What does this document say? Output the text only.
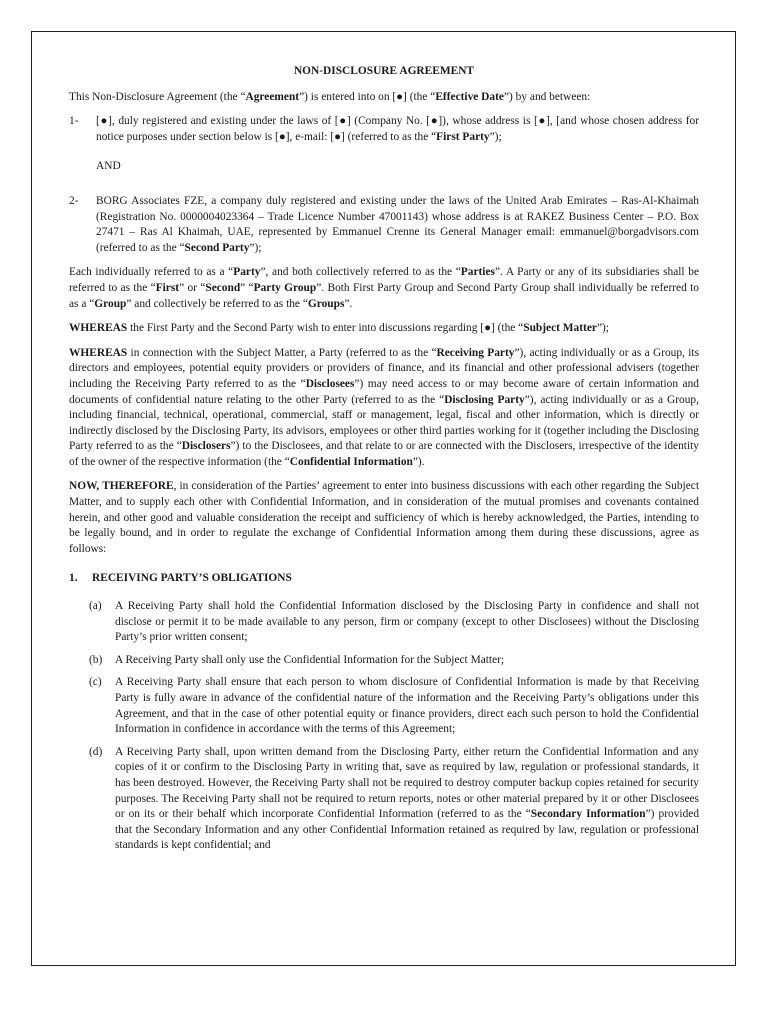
NON-DISCLOSURE AGREEMENT

This Non-Disclosure Agreement (the “Agreement”) is entered into on [●] (the “Effective Date”) by and between:

1-	[●], duly registered and existing under the laws of [●] (Company No. [●]), whose address is [●], [and whose chosen address for notice purposes under section below is [●], e-mail: [●] (referred to as the “First Party”);
AND
2-	BORG Associates FZE, a company duly registered and existing under the laws of the United Arab Emirates – Ras-Al-Khaimah (Registration No. 0000004023364 – Trade Licence Number 47001143) whose address is at RAKEZ Business Center – P.O. Box 27471 – Ras Al Khaimah, UAE, represented by Emmanuel Crenne its General Manager email: emmanuel@borgadvisors.com (referred to as the “Second Party”);

Each individually referred to as a “Party”, and both collectively referred to as the “Parties”. A Party or any of its subsidiaries shall be referred to as the “First” or “Second” “Party Group”. Both First Party Group and Second Party Group shall individually be referred to as a “Group” and collectively be referred to as the “Groups”.

WHEREAS the First Party and the Second Party wish to enter into discussions regarding [●] (the “Subject Matter”);

WHEREAS in connection with the Subject Matter, a Party (referred to as the “Receiving Party”), acting individually or as a Group, its directors and employees, potential equity providers or providers of finance, and its financial and other professional advisers (together including the Receiving Party referred to as the “Disclosees”) may need access to or may become aware of certain information and documents of confidential nature relating to the other Party (referred to as the “Disclosing Party”), acting individually or as a Group, including financial, technical, operational, commercial, staff or management, legal, fiscal and other information, which is directly or indirectly disclosed by the Disclosing Party, its advisors, employees or other third parties working for it (together including the Disclosing Party referred to as the “Disclosers”) to the Disclosees, and that relate to or are connected with the Disclosers, irrespective of the identity of the owner of the respective information (the “Confidential Information”).

NOW, THEREFORE, in consideration of the Parties’ agreement to enter into business discussions with each other regarding the Subject Matter, and to supply each other with Confidential Information, and in consideration of the mutual promises and covenants contained herein, and other good and valuable consideration the receipt and sufficiency of which is hereby acknowledged, the Parties, intending to be legally bound, and in order to regulate the exchange of Confidential Information among them during these discussions, agree as follows:

1.	RECEIVING PARTY’S OBLIGATIONS
(a)	A Receiving Party shall hold the Confidential Information disclosed by the Disclosing Party in confidence and shall not disclose or permit it to be made available to any person, firm or company (except to other Disclosees) without the Disclosing Party’s prior written consent;
(b)	A Receiving Party shall only use the Confidential Information for the Subject Matter;
(c)	A Receiving Party shall ensure that each person to whom disclosure of Confidential Information is made by that Receiving Party is fully aware in advance of the confidential nature of the information and the Receiving Party’s obligations under this Agreement, and that in the case of other potential equity or finance providers, direct each such person to hold the Confidential Information in confidence in accordance with the terms of this Agreement;
(d)	A Receiving Party shall, upon written demand from the Disclosing Party, either return the Confidential Information and any copies of it or confirm to the Disclosing Party in writing that, save as required by law, regulation or professional standards, it has been destroyed. However, the Receiving Party shall not be required to destroy computer backup copies retained for security purposes. The Receiving Party shall not be required to return reports, notes or other material prepared by it or other Disclosees or on its or their behalf which incorporate Confidential Information (referred to as the “Secondary Information”) provided that the Secondary Information and any other Confidential Information retained as required by law, regulation or professional standards is kept confidential; and
